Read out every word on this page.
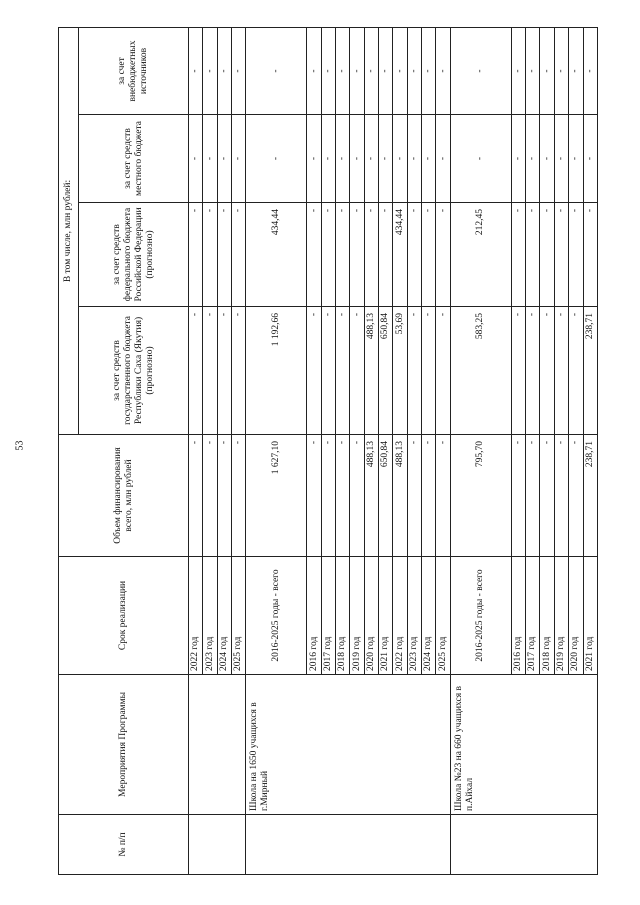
53
№ п/п	Мероприятия Программы	Срок реализации	Объем финансирования всего, млн рублей	В том числе, млн рублей:			
				за счет средств государственного бюджета Республики Саха (Якутия) (прогнозно)	за счет средств федерального бюджета Российской Федерации (прогнозно)	за счет средств местного бюджета	за счет внебюджетных источников
		2022 год	-	-	-	-	-
		2023 год	-	-	-	-	-
		2024 год	-	-	-	-	-
		2025 год	-	-	-	-	-
	Школа на 1650 учащихся в г.Мирный	2016-2025 годы - всего	1 627,10	1 192,66	434,44	-	-
		2016 год	-	-	-	-	-
		2017 год	-	-	-	-	-
		2018 год	-	-	-	-	-
		2019 год	-	-	-	-	-
		2020 год	488,13	488,13	-	-	-
		2021 год	650,84	650,84	-	-	-
		2022 год	488,13	53,69	434,44	-	-
		2023 год	-	-	-	-	-
		2024 год	-	-	-	-	-
		2025 год	-	-	-	-	-
	Школа №23 на 660 учащихся в п.Айхал	2016-2025 годы - всего	795,70	583,25	212,45	-	-
		2016 год	-	-	-	-	-
		2017 год	-	-	-	-	-
		2018 год	-	-	-	-	-
		2019 год	-	-	-	-	-
		2020 год	-	-	-	-	-
		2021 год	238,71	238,71	-	-	-
